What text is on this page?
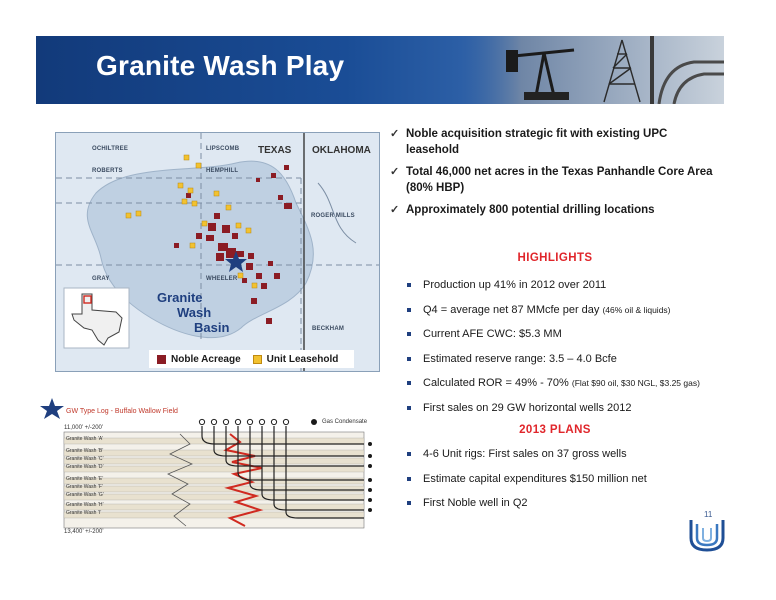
Granite Wash Play
OCHILTREE	LIPSCOMB
ROBERTS	HEMPHILL
ROGER MILLS
GRAY	WHEELER
BECKHAM
TEXAS OKLAHOMA
Granite
Wash
Basin
Noble Acreage	Unit Leasehold
GW Type Log - Buffalo Wallow Field
11,000’ +/-200’
13,400’ +/-200’
Gas Condensate
Granite Wash ‘A’
Granite Wash ‘B’
Granite Wash ‘C’
Granite Wash ‘D’
Granite Wash ‘E’
Granite Wash ‘F’
Granite Wash ‘G’
Granite Wash ‘H’
Granite Wash ‘I’
✓ Noble acquisition strategic fit with existing UPC leasehold
✓ Total 46,000 net acres in the Texas Panhandle Core Area (80% HBP)
✓ Approximately 800 potential drilling locations
HIGHLIGHTS
Production up 41% in 2012 over 2011
Q4 = average net 87 MMcfe per day (46% oil & liquids)
Current AFE CWC: $5.3 MM
Estimated reserve range: 3.5 – 4.0 Bcfe
Calculated ROR = 49% - 70% (Flat $90 oil, $30 NGL, $3.25 gas)
First sales on 29 GW horizontal wells 2012
2013 PLANS
4-6 Unit rigs: First sales on 37 gross wells
Estimate capital expenditures $150 million net
First Noble well in Q2
11
